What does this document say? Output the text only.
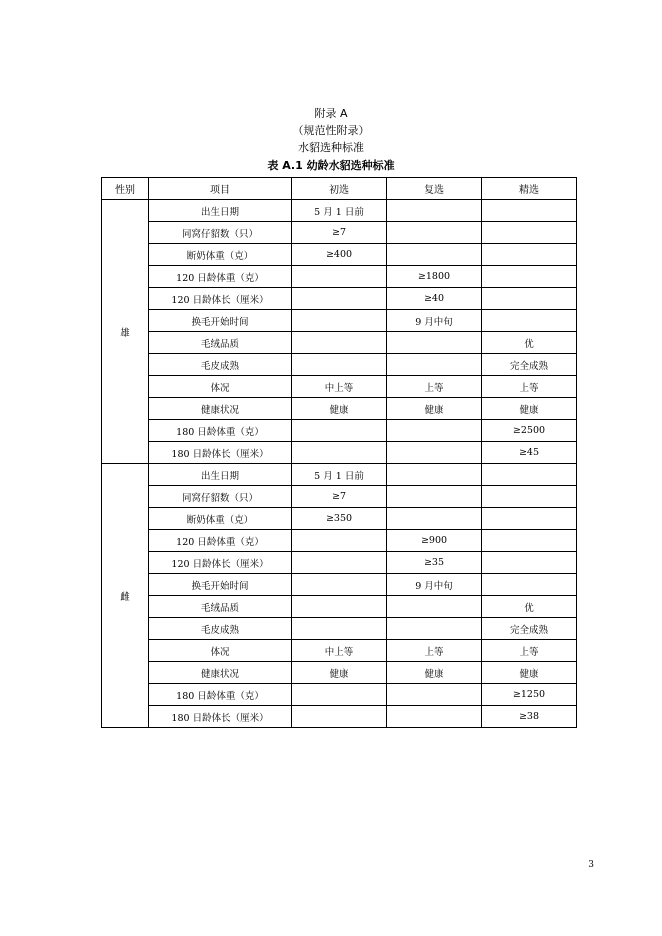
附录 A
（规范性附录）
水貂选种标准
表 A.1 幼龄水貂选种标准
性别	项目	初选	复选	精选
雄	出生日期	5 月 1 日前		
	同窝仔貂数（只）	≥7		
	断奶体重（克）	≥400		
	120 日龄体重（克）		≥1800	
	120 日龄体长（厘米）		≥40	
	换毛开始时间		9 月中旬	
	毛绒品质			优
	毛皮成熟			完全成熟
	体况	中上等	上等	上等
	健康状况	健康	健康	健康
	180 日龄体重（克）			≥2500
	180 日龄体长（厘米）			≥45
雌	出生日期	5 月 1 日前		
	同窝仔貂数（只）	≥7		
	断奶体重（克）	≥350		
	120 日龄体重（克）		≥900	
	120 日龄体长（厘米）		≥35	
	换毛开始时间		9 月中旬	
	毛绒品质			优
	毛皮成熟			完全成熟
	体况	中上等	上等	上等
	健康状况	健康	健康	健康
	180 日龄体重（克）			≥1250
	180 日龄体长（厘米）			≥38
3
